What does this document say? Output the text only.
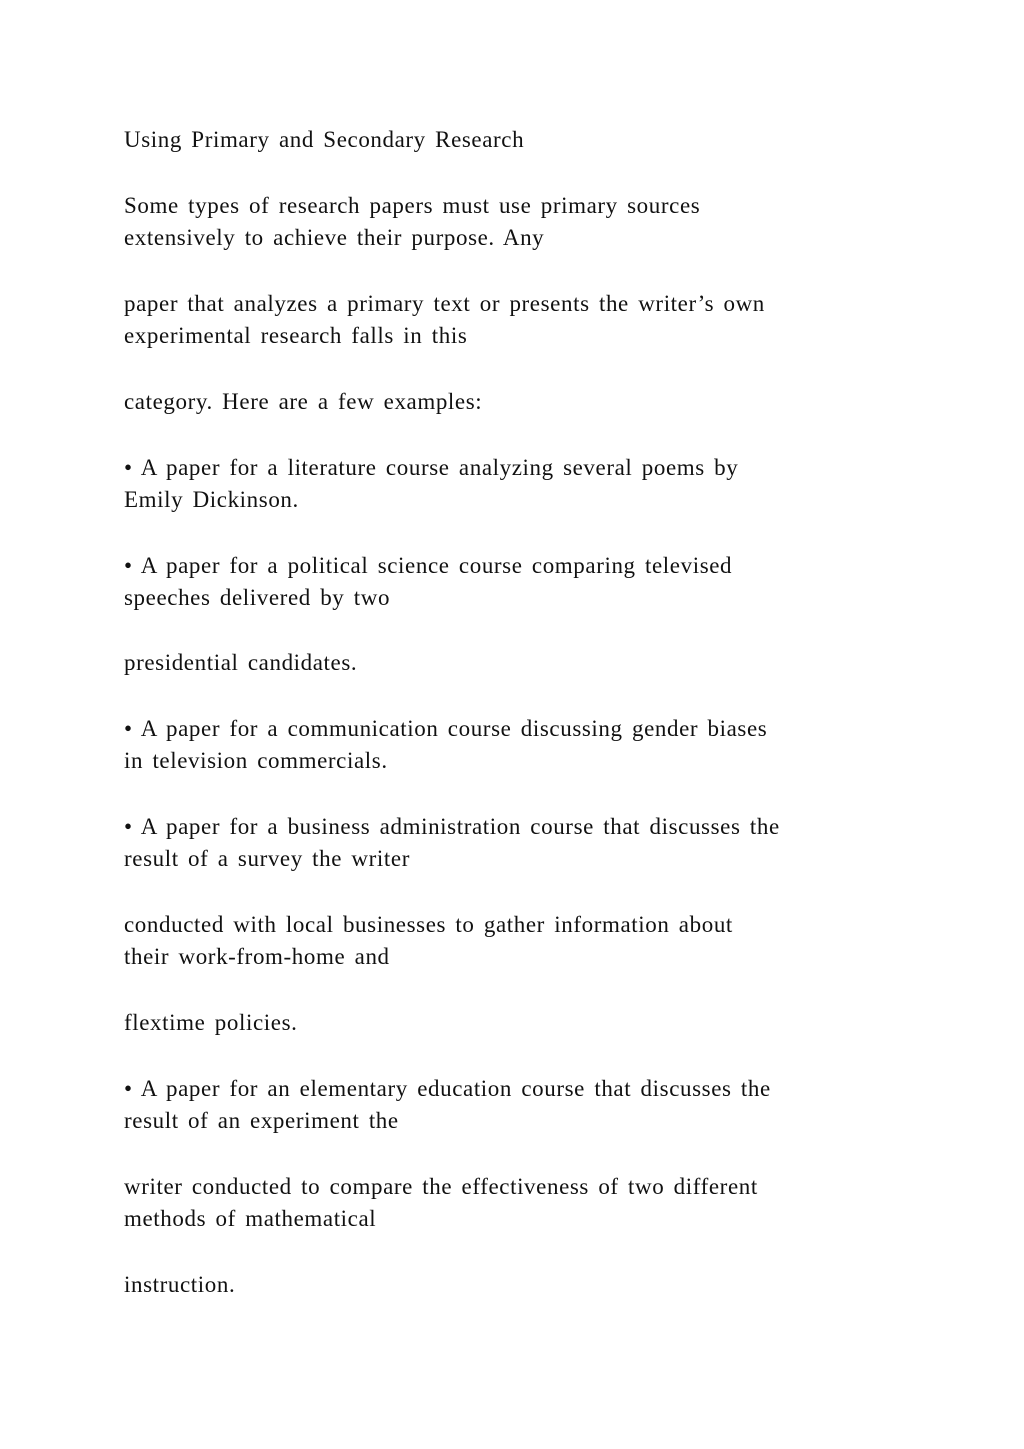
Using Primary and Secondary Research

Some types of research papers must use primary sources

extensively to achieve their purpose. Any

paper that analyzes a primary text or presents the writer’s own

experimental research falls in this

category. Here are a few examples:

• A paper for a literature course analyzing several poems by

Emily Dickinson.

• A paper for a political science course comparing televised

speeches delivered by two

presidential candidates.

• A paper for a communication course discussing gender biases

in television commercials.

• A paper for a business administration course that discusses the

result of a survey the writer

conducted with local businesses to gather information about

their work-from-home and

flextime policies.

• A paper for an elementary education course that discusses the

result of an experiment the

writer conducted to compare the effectiveness of two different

methods of mathematical

instruction.
